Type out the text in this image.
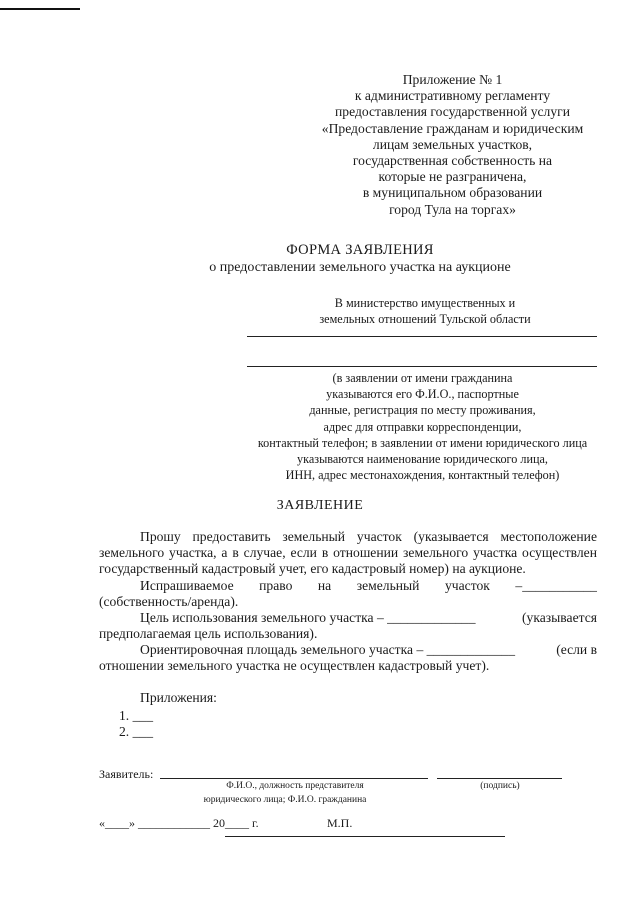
Приложение № 1
к административному регламенту
предоставления государственной услуги
«Предоставление гражданам и юридическим
лицам земельных участков,
государственная собственность на
которые не разграничена,
в муниципальном образовании
город Тула на торгах»
ФОРМА ЗАЯВЛЕНИЯ
о предоставлении земельного участка на аукционе
В министерство имущественных и
земельных отношений Тульской области
(в заявлении от имени гражданина
указываются его Ф.И.О., паспортные
данные, регистрация по месту проживания,
адрес для отправки корреспонденции,
контактный телефон; в заявлении от имени юридического лица
указываются наименование юридического лица,
ИНН, адрес местонахождения, контактный телефон)
ЗАЯВЛЕНИЕ
Прошу предоставить земельный участок (указывается местоположение
земельного участка, а в случае, если в отношении земельного участка осуществлен
государственный кадастровый учет, его кадастровый номер) на аукционе.
Испрашиваемое право на земельный участок –___________
(собственность/аренда).
Цель использования земельного участка – _____________	(указывается
предполагаемая цель использования).
Ориентировочная площадь земельного участка – _____________	(если в
отношении земельного участка не осуществлен кадастровый учет).
Приложения:
1. ___
2. ___
Заявитель:
Ф.И.О., должность представителя
юридического лица; Ф.И.О. гражданина
(подпись)
«____» ____________ 20____ г.	М.П.
